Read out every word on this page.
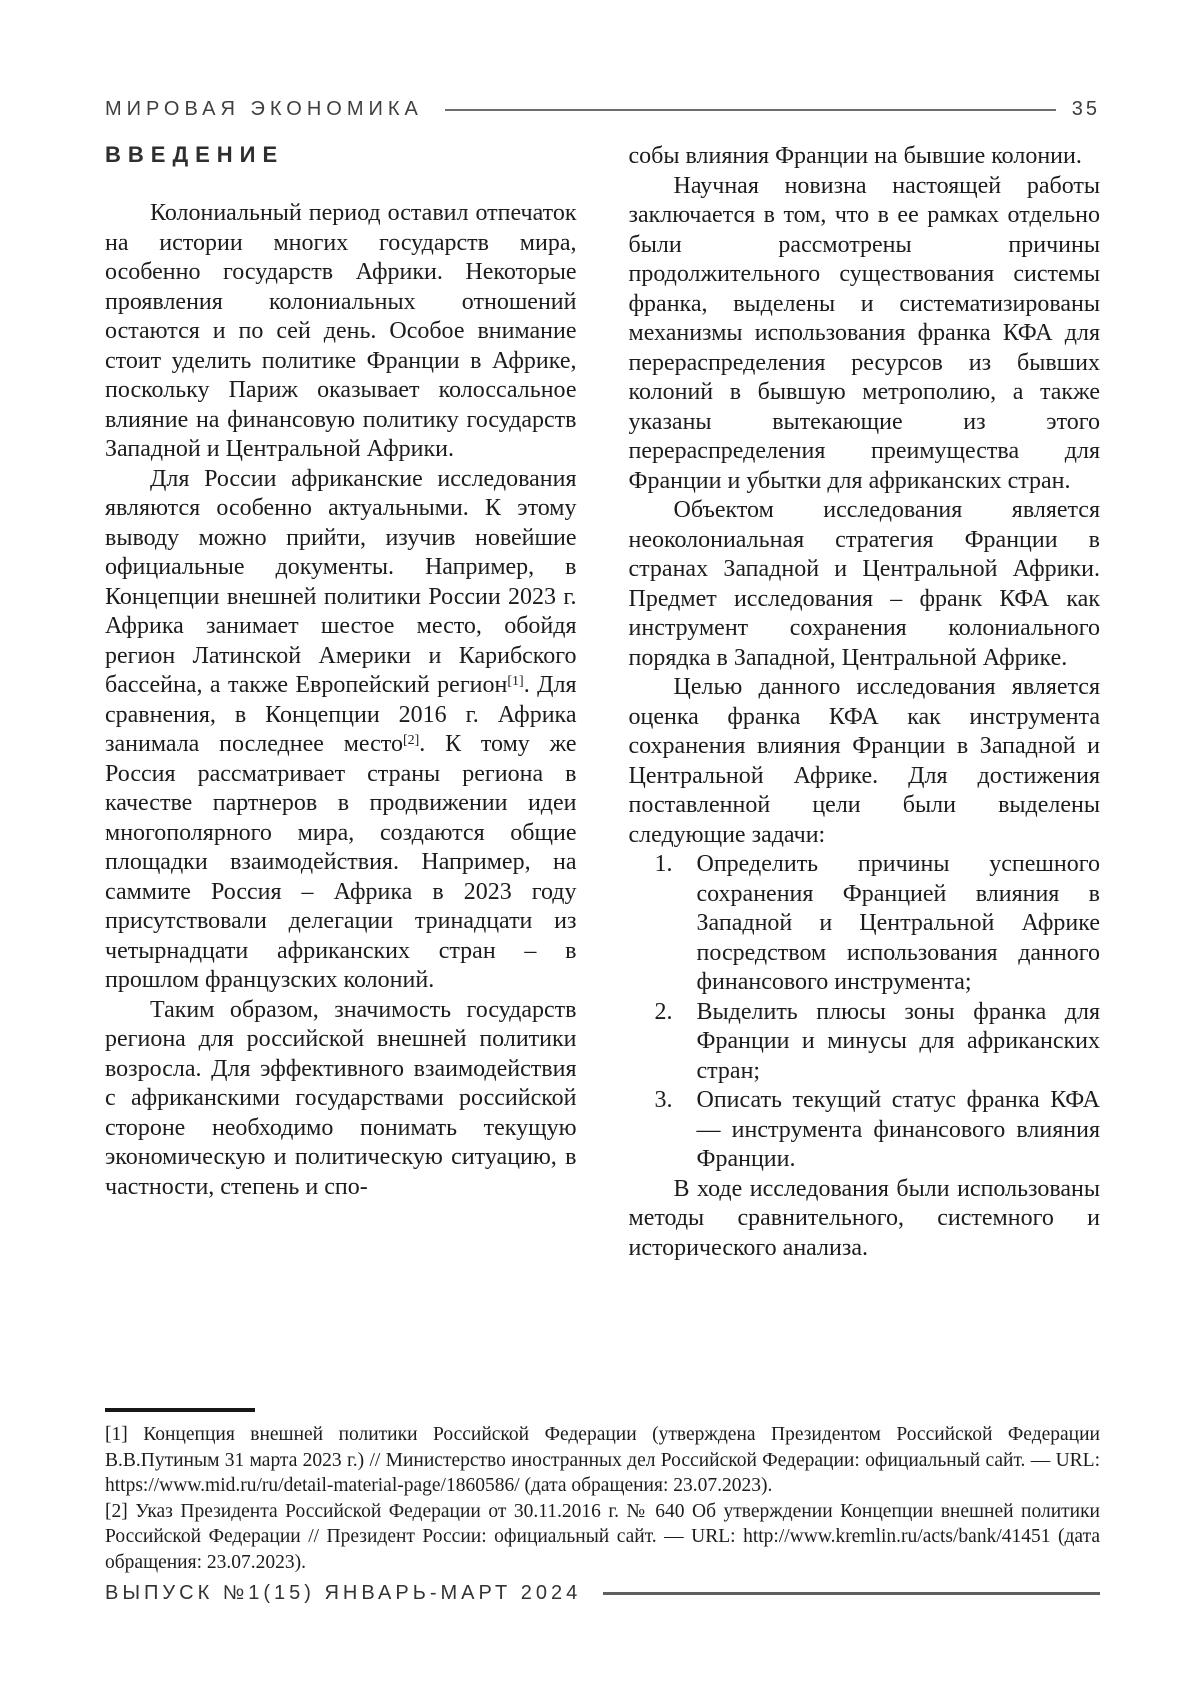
МИРОВАЯ ЭКОНОМИКА	35
ВВЕДЕНИЕ

Колониальный период оставил отпечаток на истории многих государств мира, особенно государств Африки. Некоторые проявления колониальных отношений остаются и по сей день. Особое внимание стоит уделить политике Франции в Африке, поскольку Париж оказывает колоссальное влияние на финансовую политику государств Западной и Центральной Африки.

Для России африканские исследования являются особенно актуальными. К этому выводу можно прийти, изучив новейшие официальные документы. Например, в Концепции внешней политики России 2023 г. Африка занимает шестое место, обойдя регион Латинской Америки и Карибского бассейна, а также Европейский регион[1]. Для сравнения, в Концепции 2016 г. Африка занимала последнее место[2]. К тому же Россия рассматривает страны региона в качестве партнеров в продвижении идеи многополярного мира, создаются общие площадки взаимодействия. Например, на саммите Россия – Африка в 2023 году присутствовали делегации тринадцати из четырнадцати африканских стран – в прошлом французских колоний.

Таким образом, значимость государств региона для российской внешней политики возросла. Для эффективного взаимодействия с африканскими государствами российской стороне необходимо понимать текущую экономическую и политическую ситуацию, в частности, степень и спо-

собы влияния Франции на бывшие колонии.

Научная новизна настоящей работы заключается в том, что в ее рамках отдельно были рассмотрены причины продолжительного существования системы франка, выделены и систематизированы механизмы использования франка КФА для перераспределения ресурсов из бывших колоний в бывшую метрополию, а также указаны вытекающие из этого перераспределения преимущества для Франции и убытки для африканских стран.

Объектом исследования является неоколониальная стратегия Франции в странах Западной и Центральной Африки. Предмет исследования – франк КФА как инструмент сохранения колониального порядка в Западной, Центральной Африке.

Целью данного исследования является оценка франка КФА как инструмента сохранения влияния Франции в Западной и Центральной Африке. Для достижения поставленной цели были выделены следующие задачи:

1.	Определить причины успешного сохранения Францией влияния в Западной и Центральной Африке посредством использования данного финансового инструмента;
2.	Выделить плюсы зоны франка для Франции и минусы для африканских стран;
3.	Описать текущий статус франка КФА — инструмента финансового влияния Франции.

В ходе исследования были использованы методы сравнительного, системного и исторического анализа.

[1] Концепция внешней политики Российской Федерации (утверждена Президентом Российской Федерации В.В.Путиным 31 марта 2023 г.) // Министерство иностранных дел Российской Федерации: официальный сайт. — URL: https://www.mid.ru/ru/detail-material-page/1860586/ (дата обращения: 23.07.2023).

[2] Указ Президента Российской Федерации от 30.11.2016 г. № 640 Об утверждении Концепции внешней политики Российской Федерации // Президент России: официальный сайт. — URL: http://www.kremlin.ru/acts/bank/41451 (дата обращения: 23.07.2023).

ВЫПУСК №1(15) ЯНВАРЬ-МАРТ 2024
